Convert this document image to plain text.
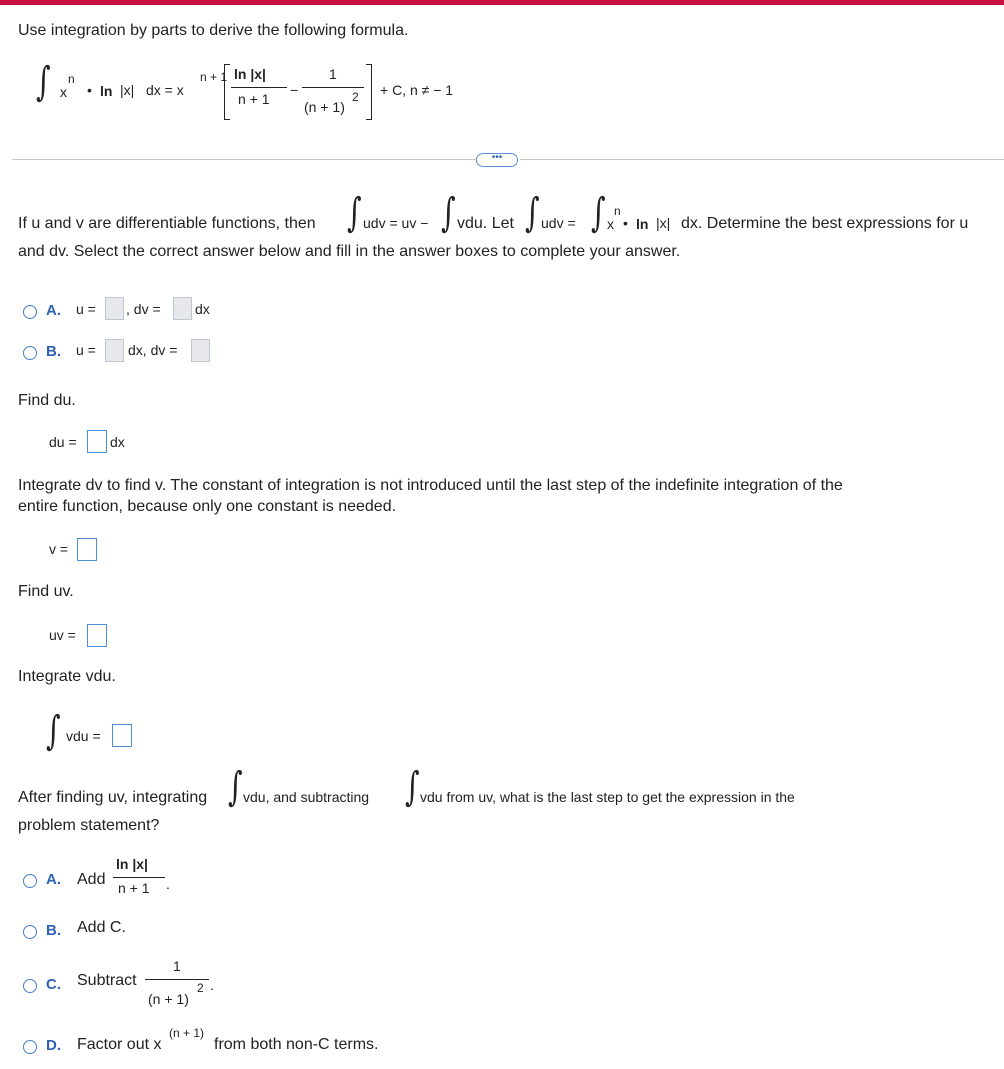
Use integration by parts to derive the following formula.
∫ x
n
• ln |x| dx = x
n + 1 ln |x|
n + 1
−
1
(n + 1)
2 + C, n ≠ − 1
•••
If u and v are differentiable functions, then ∫ udv = uv − ∫ vdu. Let ∫ udv = ∫ x
n
• ln |x| dx. Determine the best expressions for u
and dv. Select the correct answer below and fill in the answer boxes to complete your answer.
A. u = , dv = dx
B. u = dx, dv =
Find du.
du = dx
Integrate dv to find v. The constant of integration is not introduced until the last step of the indefinite integration of the
entire function, because only one constant is needed.
v =
Find uv.
uv =
Integrate vdu.
∫ vdu =
After finding uv, integrating ∫ vdu, and subtracting ∫ vdu from uv, what is the last step to get the expression in the
problem statement?
A. Add
ln |x|
n + 1 .
B. Add C.
C. Subtract
1
(n + 1)
2 .
D. Factor out x
(n + 1)
from both non-C terms.
